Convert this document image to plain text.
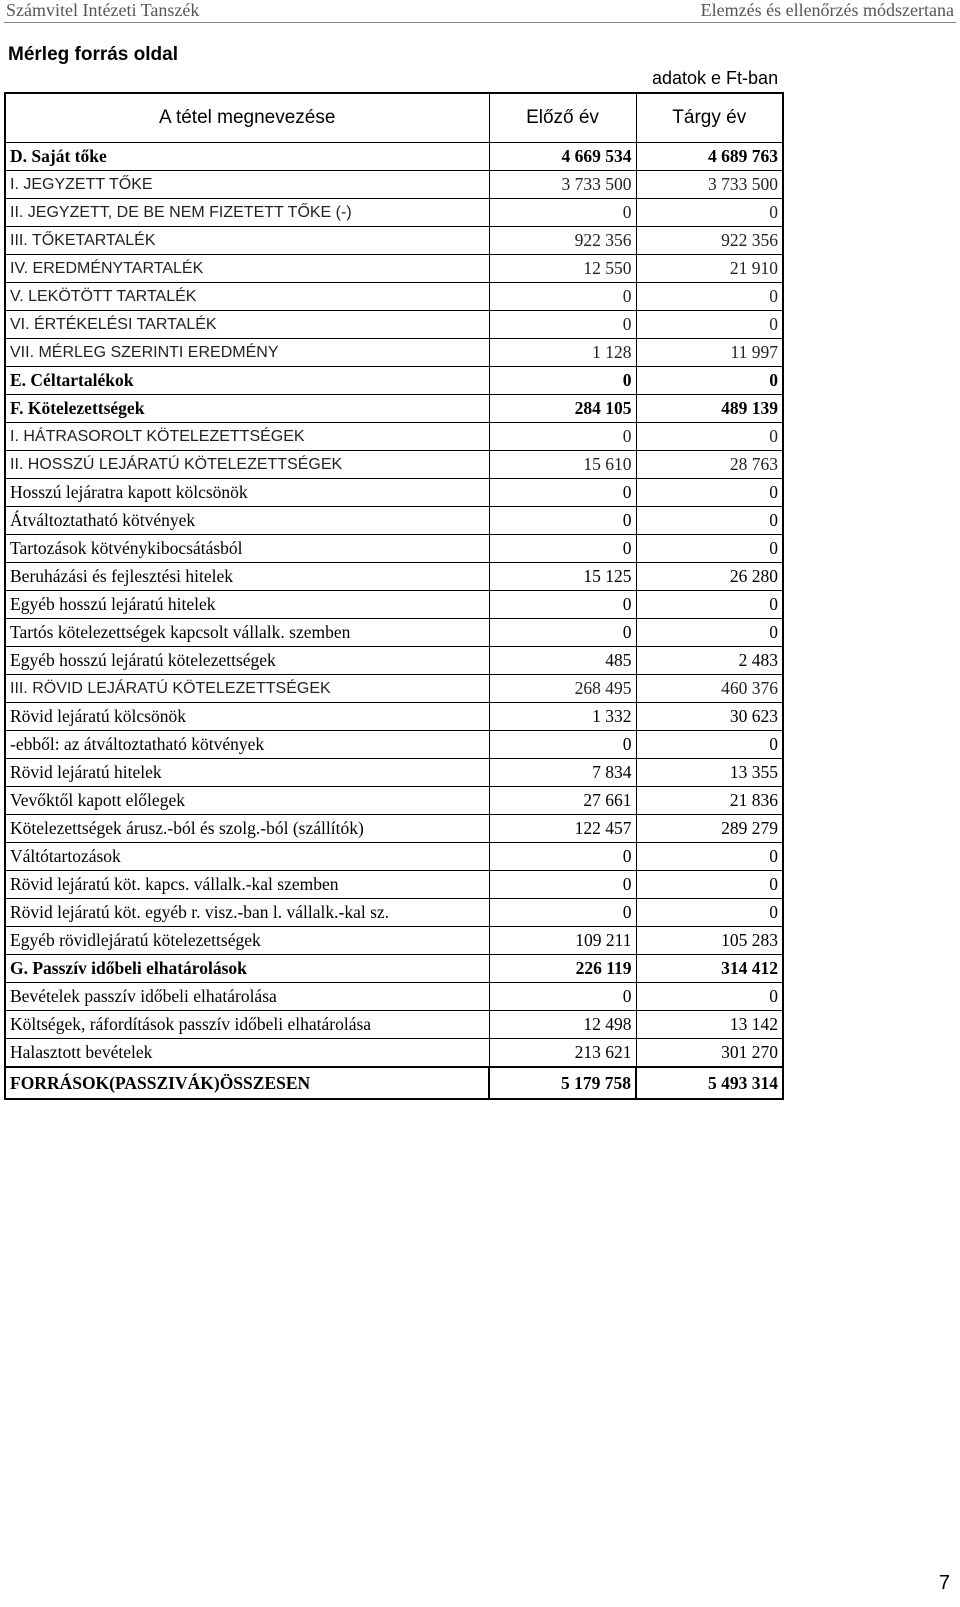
Számvitel Intézeti Tanszék	Elemzés és ellenőrzés módszertana
Mérleg forrás oldal
adatok e Ft-ban
A tétel megnevezése	Előző év	Tárgy év
D. Saját tőke	4 669 534	4 689 763
I. JEGYZETT TŐKE	3 733 500	3 733 500
II. JEGYZETT, DE BE NEM FIZETETT TŐKE (-)	0	0
III. TŐKETARTALÉK	922 356	922 356
IV. EREDMÉNYTARTALÉK	12 550	21 910
V. LEKÖTÖTT TARTALÉK	0	0
VI. ÉRTÉKELÉSI TARTALÉK	0	0
VII. MÉRLEG SZERINTI EREDMÉNY	1 128	11 997
E. Céltartalékok	0	0
F. Kötelezettségek	284 105	489 139
I. HÁTRASOROLT KÖTELEZETTSÉGEK	0	0
II. HOSSZÚ LEJÁRATÚ KÖTELEZETTSÉGEK	15 610	28 763
Hosszú lejáratra kapott kölcsönök	0	0
Átváltoztatható kötvények	0	0
Tartozások kötvénykibocsátásból	0	0
Beruházási és fejlesztési hitelek	15 125	26 280
Egyéb hosszú lejáratú hitelek	0	0
Tartós kötelezettségek kapcsolt vállalk. szemben	0	0
Egyéb hosszú lejáratú kötelezettségek	485	2 483
III. RÖVID LEJÁRATÚ KÖTELEZETTSÉGEK	268 495	460 376
Rövid lejáratú kölcsönök	1 332	30 623
-ebből: az átváltoztatható kötvények	0	0
Rövid lejáratú hitelek	7 834	13 355
Vevőktől kapott előlegek	27 661	21 836
Kötelezettségek árusz.-ból és szolg.-ból (szállítók)	122 457	289 279
Váltótartozások	0	0
Rövid lejáratú köt. kapcs. vállalk.-kal szemben	0	0
Rövid lejáratú köt. egyéb r. visz.-ban l. vállalk.-kal sz.	0	0
Egyéb rövidlejáratú kötelezettségek	109 211	105 283
G. Passzív időbeli elhatárolások	226 119	314 412
Bevételek passzív időbeli elhatárolása	0	0
Költségek, ráfordítások passzív időbeli elhatárolása	12 498	13 142
Halasztott bevételek	213 621	301 270
FORRÁSOK(PASSZIVÁK)ÖSSZESEN	5 179 758	5 493 314
7
